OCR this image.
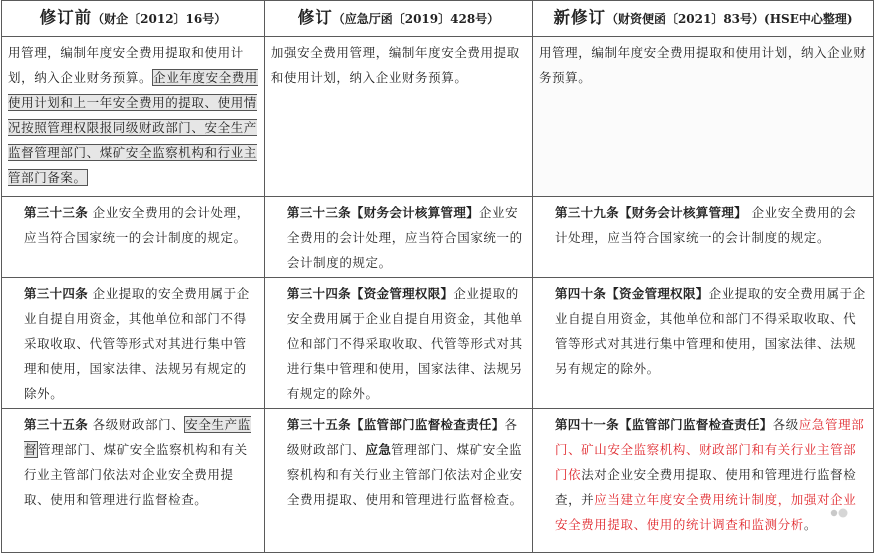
修订前（财企〔2012〕16号）	修订（应急厅函〔2019〕428号）	新修订（财资便函〔2021〕83号）(HSE中心整理)
用管理，编制年度安全费用提取和使用计划，纳入企业财务预算。企业年度安全费用使用计划和上一年安全费用的提取、使用情况按照管理权限报同级财政部门、安全生产监督管理部门、煤矿安全监察机构和行业主管部门备案。	加强安全费用管理，编制年度安全费用提取和使用计划，纳入企业财务预算。	用管理，编制年度安全费用提取和使用计划，纳入企业财务预算。
第三十三条 企业安全费用的会计处理，应当符合国家统一的会计制度的规定。	第三十三条【财务会计核算管理】企业安全费用的会计处理，应当符合国家统一的会计制度的规定。	第三十九条【财务会计核算管理】 企业安全费用的会计处理，应当符合国家统一的会计制度的规定。
第三十四条 企业提取的安全费用属于企业自提自用资金，其他单位和部门不得采取收取、代管等形式对其进行集中管理和使用，国家法律、法规另有规定的除外。	第三十四条【资金管理权限】企业提取的安全费用属于企业自提自用资金，其他单位和部门不得采取收取、代管等形式对其进行集中管理和使用，国家法律、法规另有规定的除外。	第四十条【资金管理权限】企业提取的安全费用属于企业自提自用资金，其他单位和部门不得采取收取、代管等形式对其进行集中管理和使用，国家法律、法规另有规定的除外。
第三十五条 各级财政部门、安全生产监督管理部门、煤矿安全监察机构和有关行业主管部门依法对企业安全费用提取、使用和管理进行监督检查。	第三十五条【监管部门监督检查责任】各级财政部门、应急管理部门、煤矿安全监察机构和有关行业主管部门依法对企业安全费用提取、使用和管理进行监督检查。	第四十一条【监管部门监督检查责任】各级应急管理部门、矿山安全监察机构、财政部门和有关行业主管部门依法对企业安全费用提取、使用和管理进行监督检查，并应当建立年度安全费用统计制度，加强对企业安全费用提取、使用的统计调查和监测分析。
